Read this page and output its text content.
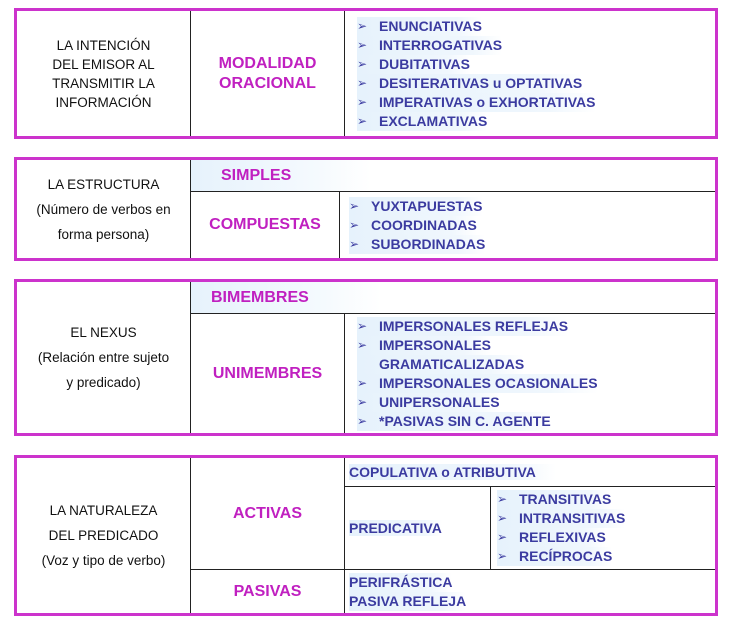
LA INTENCIÓN
DEL EMISOR AL
TRANSMITIR LA
INFORMACIÓN
MODALIDAD
ORACIONAL
➢ ENUNCIATIVAS
➢ INTERROGATIVAS
➢ DUBITATIVAS
➢ DESITERATIVAS u OPTATIVAS
➢ IMPERATIVAS o EXHORTATIVAS
➢ EXCLAMATIVAS
LA ESTRUCTURA
(Número de verbos en
forma persona)
SIMPLES
COMPUESTAS
➢ YUXTAPUESTAS
➢ COORDINADAS
➢ SUBORDINADAS
EL NEXUS
(Relación entre sujeto
y predicado)
BIMEMBRES
UNIMEMBRES
➢ IMPERSONALES REFLEJAS
➢ IMPERSONALES
GRAMATICALIZADAS
➢ IMPERSONALES OCASIONALES
➢ UNIPERSONALES
➢ *PASIVAS SIN C. AGENTE
LA NATURALEZA
DEL PREDICADO
(Voz y tipo de verbo)
ACTIVAS
PASIVAS
COPULATIVA o ATRIBUTIVA
PREDICATIVA
➢ TRANSITIVAS
➢ INTRANSITIVAS
➢ REFLEXIVAS
➢ RECÍPROCAS
PERIFRÁSTICA
PASIVA REFLEJA
